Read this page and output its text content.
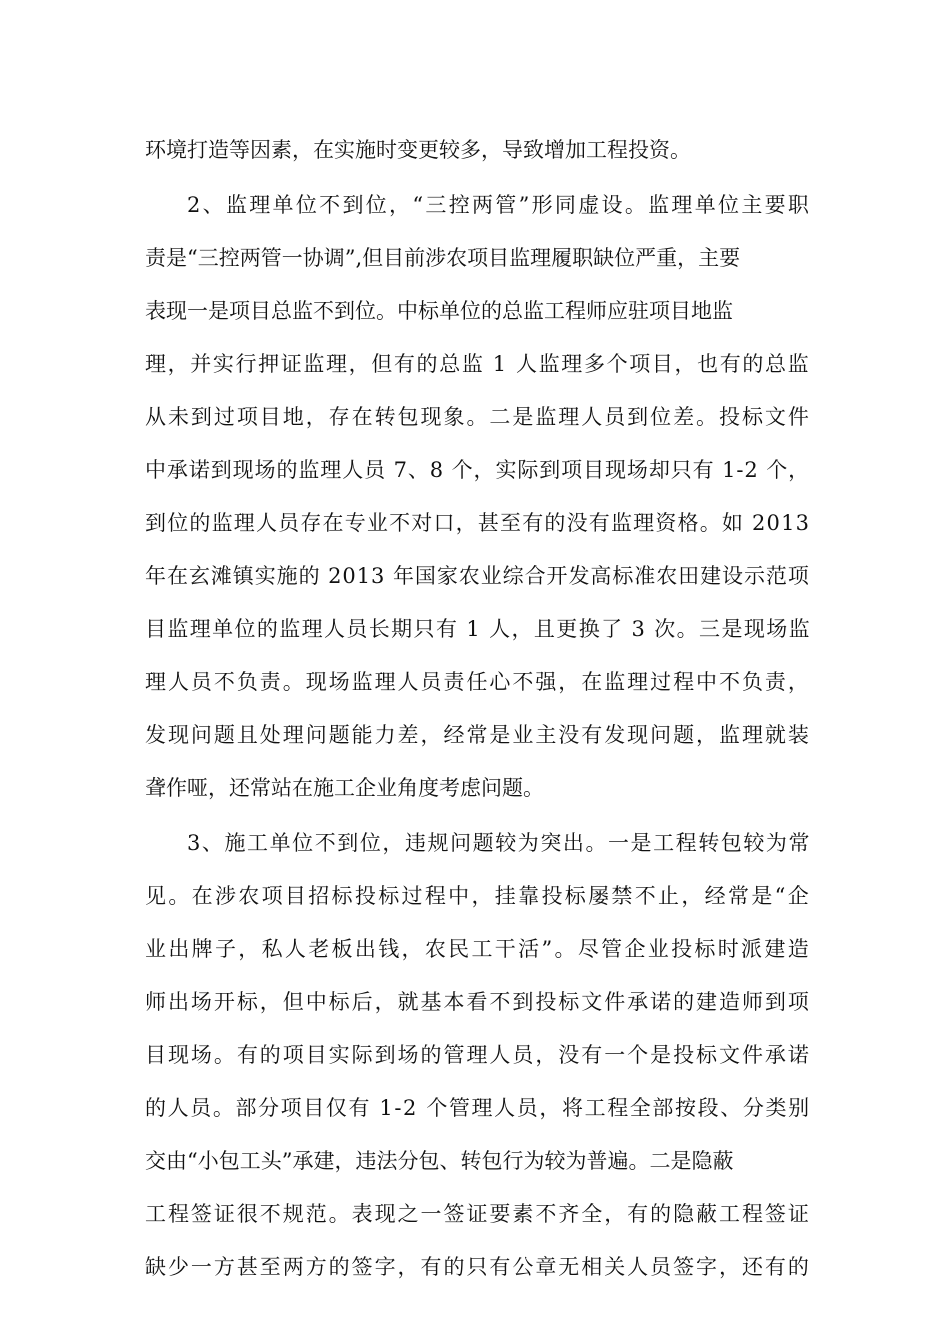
环境打造等因素，在实施时变更较多，导致增加工程投资。
2、监理单位不到位，“三控两管”形同虚设。监理单位主要职
责是“三控两管一协调”,但目前涉农项目监理履职缺位严重，主要
表现一是项目总监不到位。中标单位的总监工程师应驻项目地监
理，并实行押证监理，但有的总监 1 人监理多个项目，也有的总监
从未到过项目地，存在转包现象。二是监理人员到位差。投标文件
中承诺到现场的监理人员 7、8 个，实际到项目现场却只有 1-2 个，
到位的监理人员存在专业不对口，甚至有的没有监理资格。如 2013
年在玄滩镇实施的 2013 年国家农业综合开发高标准农田建设示范项
目监理单位的监理人员长期只有 1 人，且更换了 3 次。三是现场监
理人员不负责。现场监理人员责任心不强，在监理过程中不负责，
发现问题且处理问题能力差，经常是业主没有发现问题，监理就装
聋作哑，还常站在施工企业角度考虑问题。
3、施工单位不到位，违规问题较为突出。一是工程转包较为常
见。在涉农项目招标投标过程中，挂靠投标屡禁不止，经常是“企
业出牌子，私人老板出钱，农民工干活”。尽管企业投标时派建造
师出场开标，但中标后，就基本看不到投标文件承诺的建造师到项
目现场。有的项目实际到场的管理人员，没有一个是投标文件承诺
的人员。部分项目仅有 1-2 个管理人员，将工程全部按段、分类别
交由“小包工头”承建，违法分包、转包行为较为普遍。二是隐蔽
工程签证很不规范。表现之一签证要素不齐全，有的隐蔽工程签证
缺少一方甚至两方的签字，有的只有公章无相关人员签字，还有的
